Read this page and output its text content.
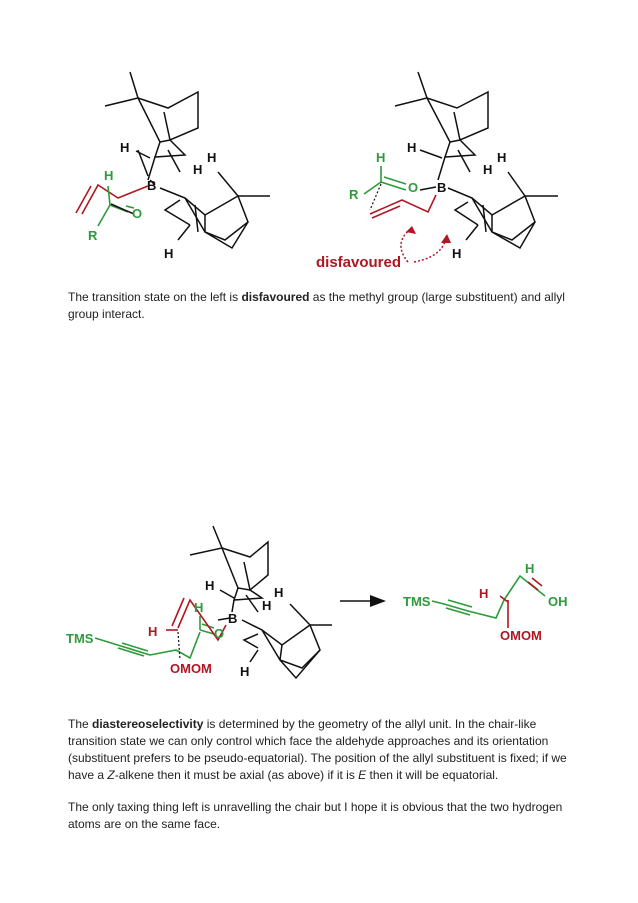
H
B
H
H
H
O
R
H
H
H
H
H
R	O B
H
disfavoured

The transition state on the left is disfavoured as the methyl group (large substituent) and allyl group interact.

H	H
H
B
H
H	O
TMS
OMOM H
H
H
TMS	OH
OMOM

The diastereoselectivity is determined by the geometry of the allyl unit. In the chair-like transition state we can only control which face the aldehyde approaches and its orientation (substituent prefers to be pseudo-equatorial). The position of the allyl substituent is fixed; if we have a Z-alkene then it must be axial (as above) if it is E then it will be equatorial.

The only taxing thing left is unravelling the chair but I hope it is obvious that the two hydrogen atoms are on the same face.
